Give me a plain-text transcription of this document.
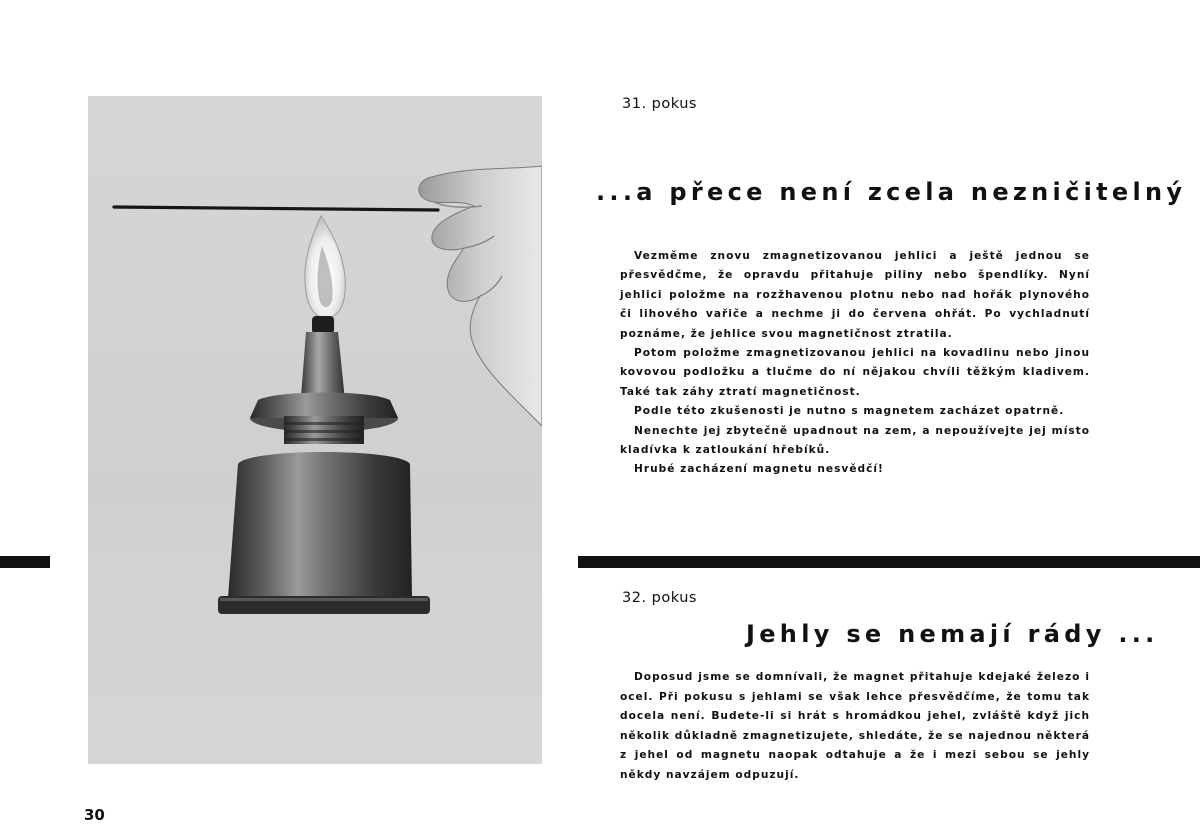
31. pokus
...a přece není zcela nezničitelný

Vezměme znovu zmagnetizovanou jehlici a ještě jednou se přesvědčme, že opravdu přitahuje piliny nebo špendlíky. Nyní jehlici položme na rozžhavenou plotnu nebo nad hořák plynového či lihového vařiče a nechme ji do červena ohřát. Po vychladnutí poznáme, že jehlice svou magnetičnost ztratila.

Potom položme zmagnetizovanou jehlici na kovadlinu nebo jinou kovovou podložku a tlučme do ní nějakou chvíli těžkým kladivem. Také tak záhy ztratí magnetičnost.

Podle této zkušenosti je nutno s magnetem zacházet opatrně.

Nenechte jej zbytečně upadnout na zem, a nepoužívejte jej místo kladívka k zatloukání hřebíků.

Hrubé zacházení magnetu nesvědčí!

32. pokus
Jehly se nemají rády ...

Doposud jsme se domnívali, že magnet přitahuje kdejaké železo i ocel. Při pokusu s jehlami se však lehce přesvědčíme, že tomu tak docela není. Budete-li si hrát s hromádkou jehel, zvláště když jich několik důkladně zmagnetizujete, shledáte, že se najednou některá z jehel od magnetu naopak odtahuje a že i mezi sebou se jehly někdy navzájem odpuzují.

30
